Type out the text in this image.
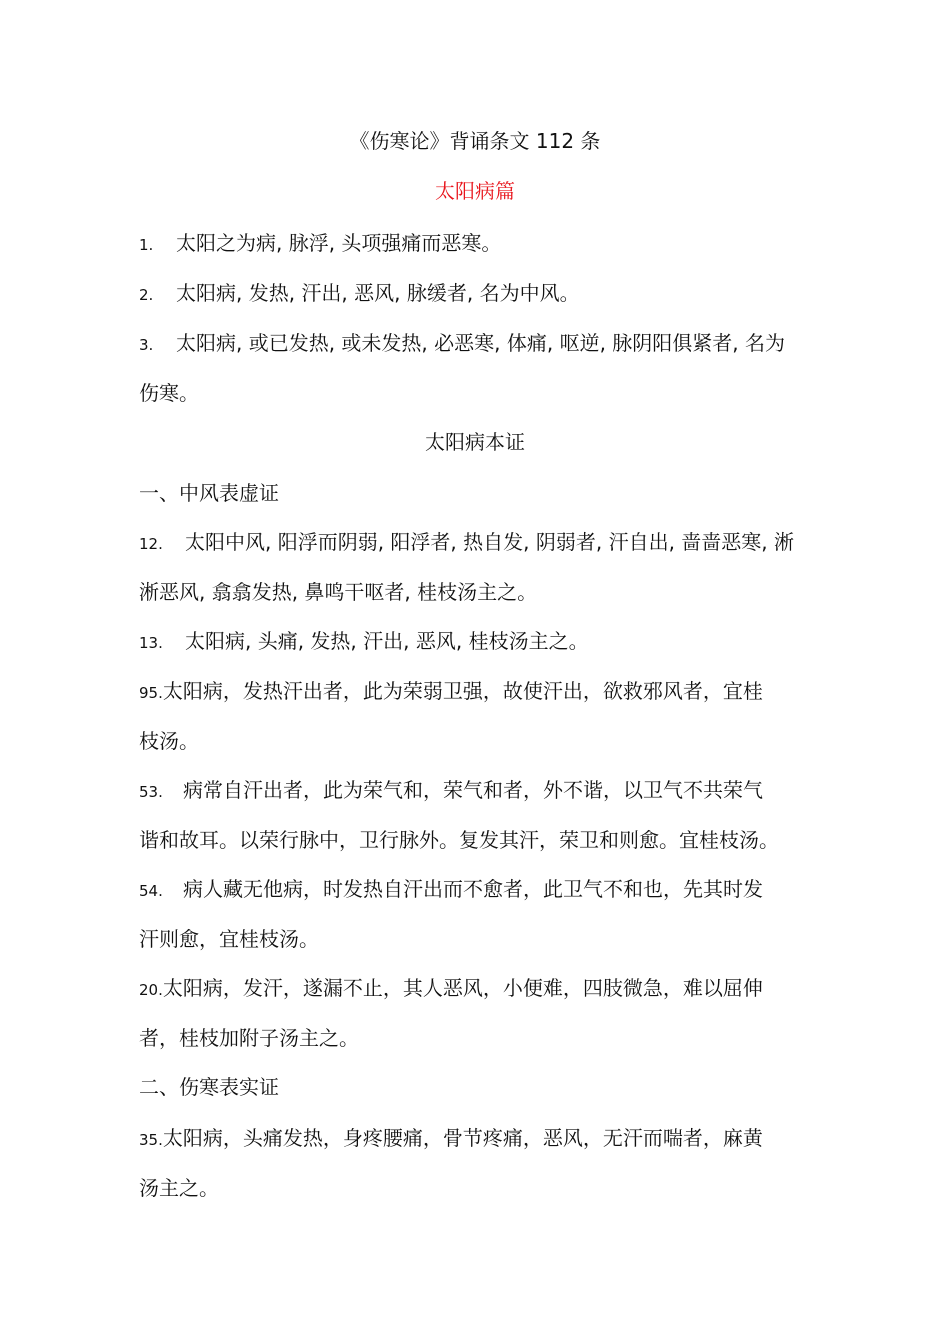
《伤寒论》背诵条文 112 条
太阳病篇
1. 太阳之为病, 脉浮, 头项强痛而恶寒。
2. 太阳病, 发热, 汗出, 恶风, 脉缓者, 名为中风。
3. 太阳病, 或已发热, 或未发热, 必恶寒, 体痛, 呕逆, 脉阴阳俱紧者, 名为
伤寒。
太阳病本证
一、中风表虚证
12. 太阳中风, 阳浮而阴弱, 阳浮者, 热自发, 阴弱者, 汗自出, 啬啬恶寒, 淅
淅恶风, 翕翕发热, 鼻鸣干呕者, 桂枝汤主之。
13. 太阳病, 头痛, 发热, 汗出, 恶风, 桂枝汤主之。
95.太阳病，发热汗出者，此为荣弱卫强，故使汗出，欲救邪风者，宜桂
枝汤。
53. 病常自汗出者，此为荣气和，荣气和者，外不谐，以卫气不共荣气
谐和故耳。以荣行脉中，卫行脉外。复发其汗，荣卫和则愈。宜桂枝汤。
54. 病人藏无他病，时发热自汗出而不愈者，此卫气不和也，先其时发
汗则愈，宜桂枝汤。
20.太阳病，发汗，遂漏不止，其人恶风，小便难，四肢微急，难以屈伸
者，桂枝加附子汤主之。
二、伤寒表实证
35.太阳病，头痛发热，身疼腰痛，骨节疼痛，恶风，无汗而喘者，麻黄
汤主之。
